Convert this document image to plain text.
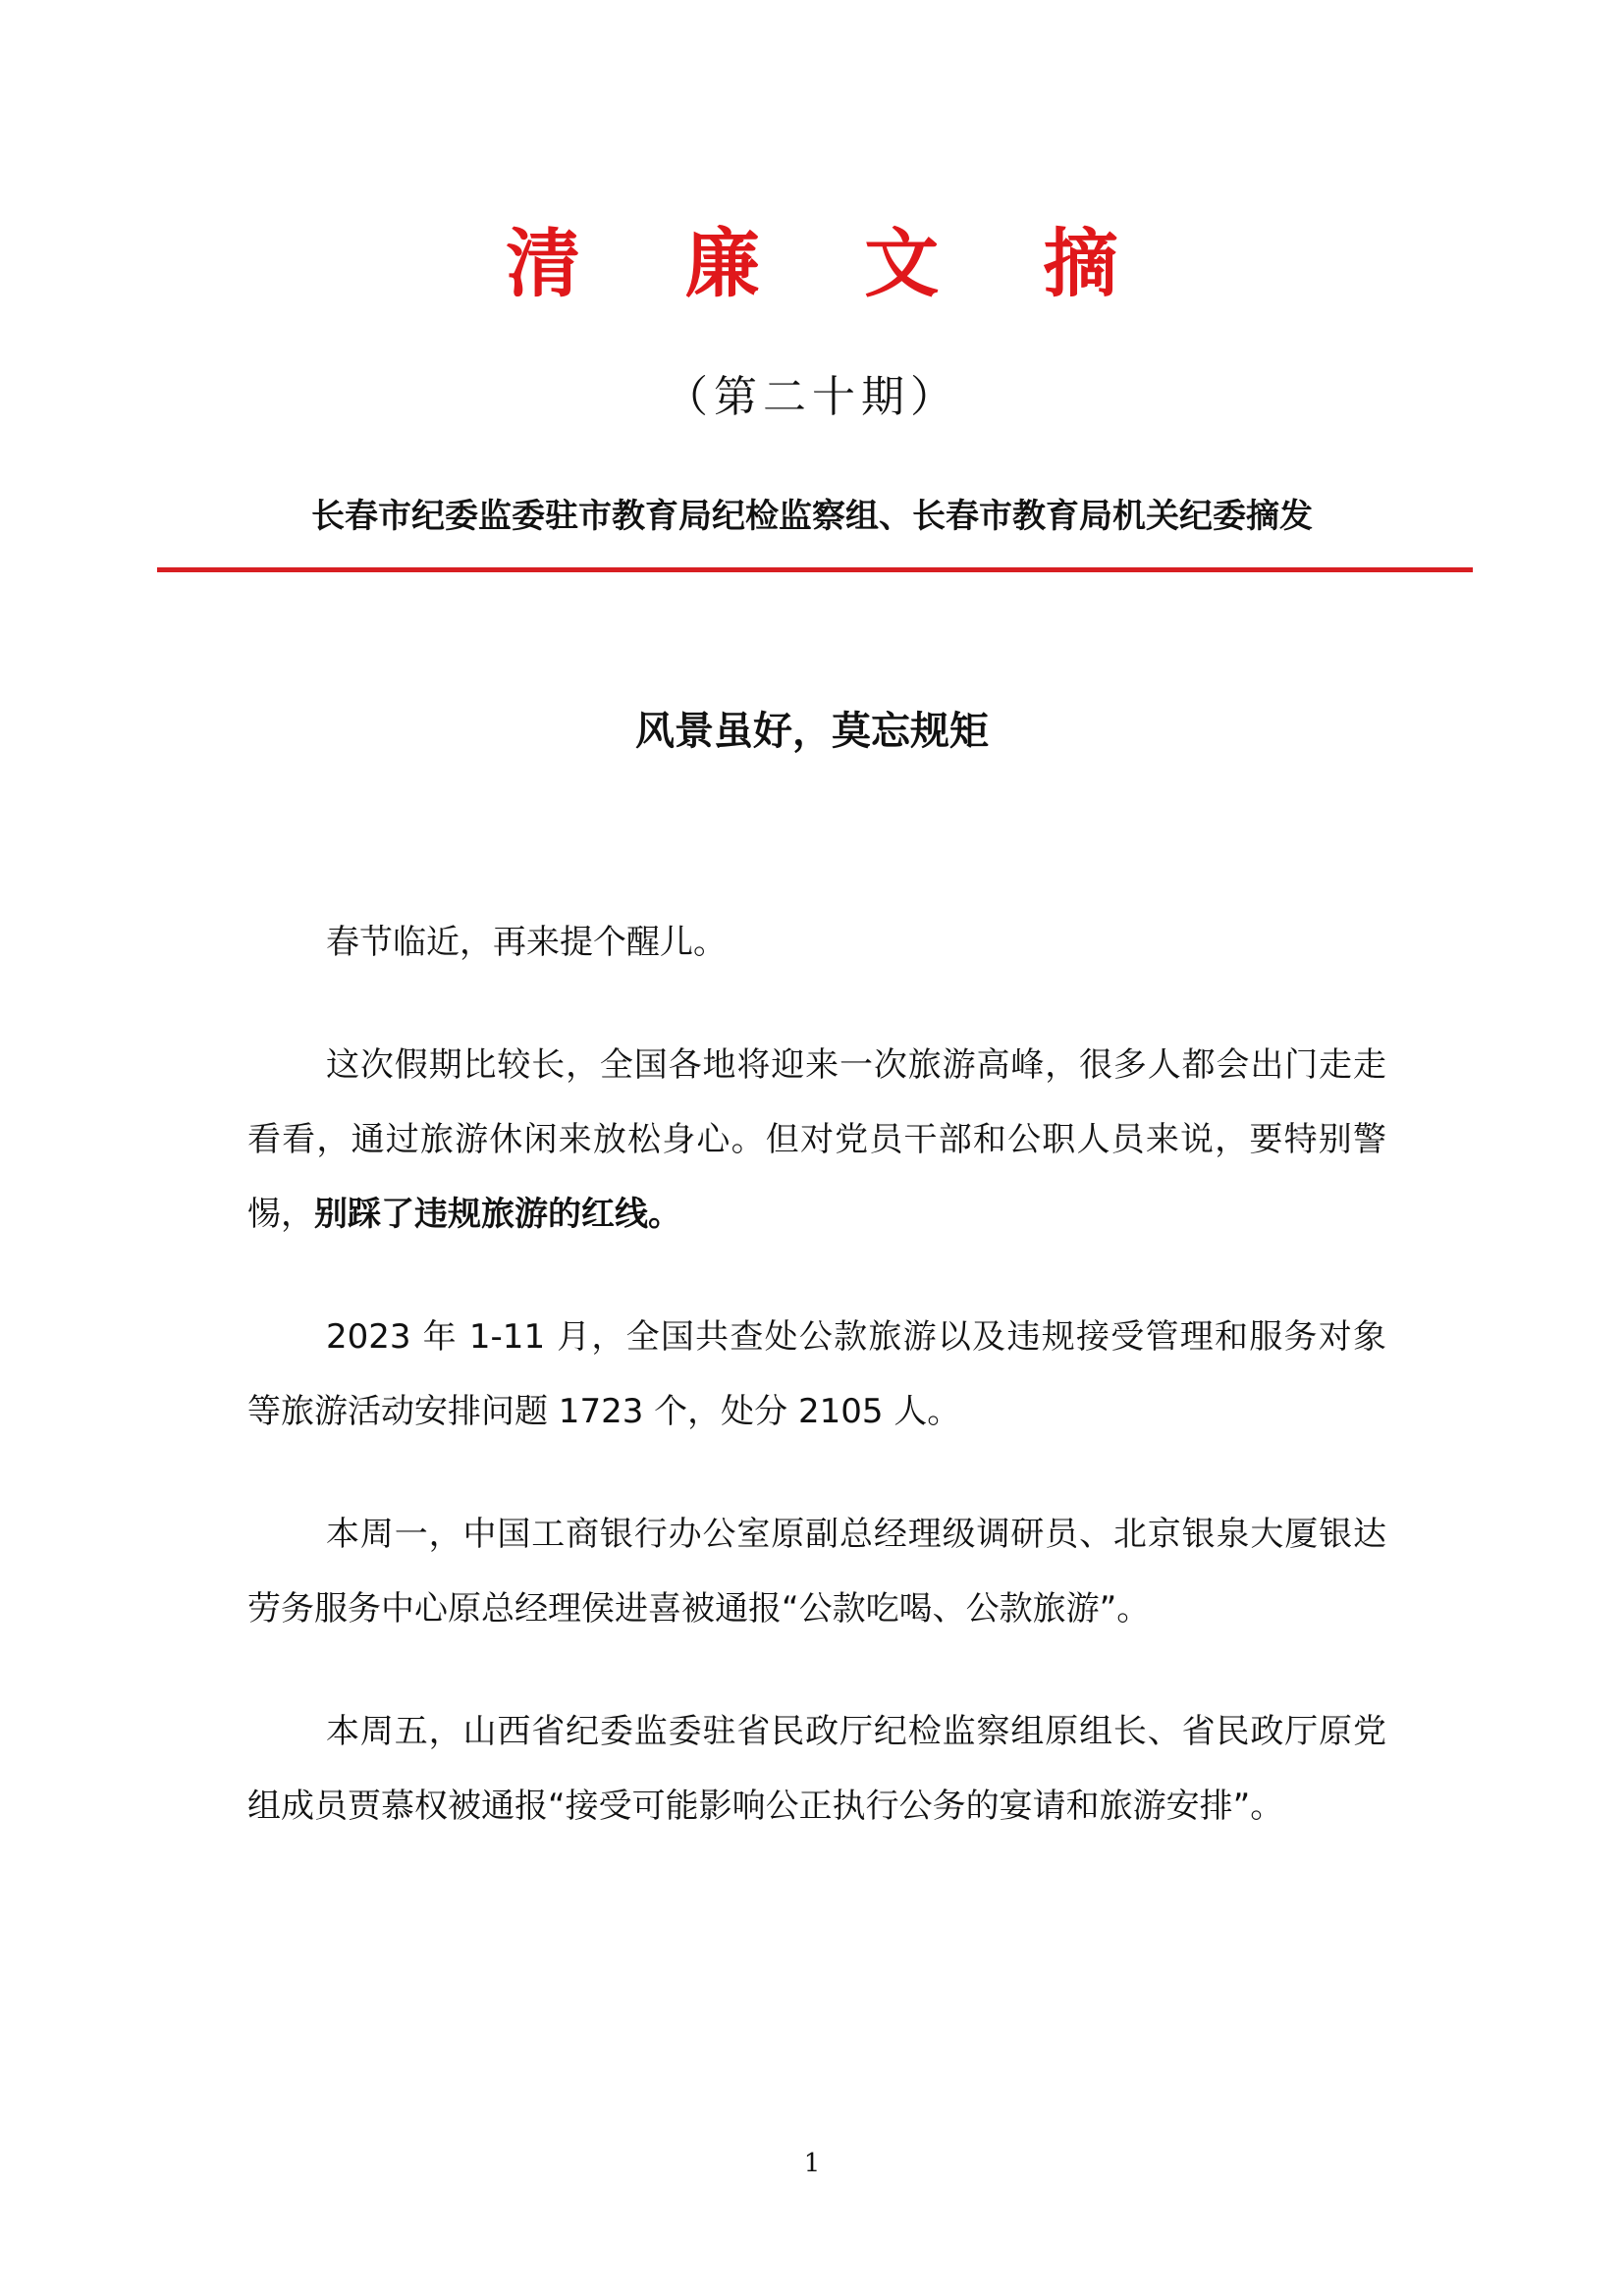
清 廉 文 摘
（第二十期）
长春市纪委监委驻市教育局纪检监察组、长春市教育局机关纪委摘发
风景虽好，莫忘规矩

春节临近，再来提个醒儿。

这次假期比较长，全国各地将迎来一次旅游高峰，很多人都会出门走走看看，通过旅游休闲来放松身心。但对党员干部和公职人员来说，要特别警惕，别踩了违规旅游的红线。

2023 年 1-11 月，全国共查处公款旅游以及违规接受管理和服务对象等旅游活动安排问题 1723 个，处分 2105 人。

本周一，中国工商银行办公室原副总经理级调研员、北京银泉大厦银达劳务服务中心原总经理侯进喜被通报“公款吃喝、公款旅游”。

本周五，山西省纪委监委驻省民政厅纪检监察组原组长、省民政厅原党组成员贾慕权被通报“接受可能影响公正执行公务的宴请和旅游安排”。

1
